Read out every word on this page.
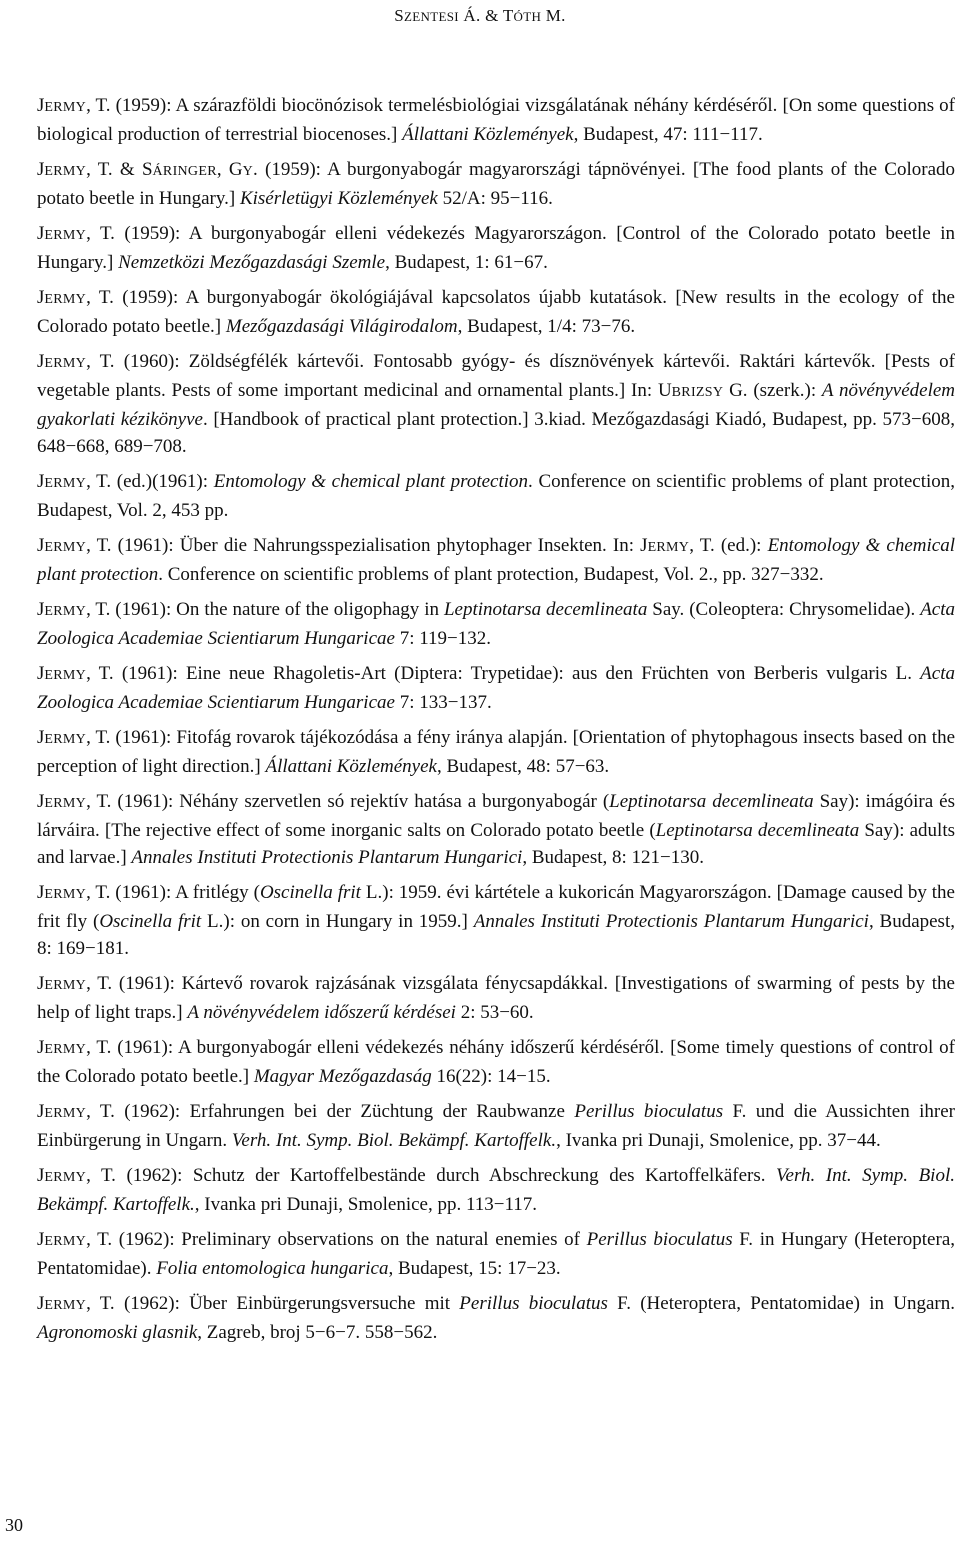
SZENTESI Á. & TÓTH M.

JERMY, T. (1959): A szárazföldi biocönózisok termelésbiológiai vizsgálatának néhány kérdéséről. [On some questions of biological production of terrestrial biocenoses.] Állattani Közlemények, Budapest, 47: 111−117.

JERMY, T. & SÁRINGER, GY. (1959): A burgonyabogár magyarországi tápnövényei. [The food plants of the Colorado potato beetle in Hungary.] Kisérletügyi Közlemények 52/A: 95−116.

JERMY, T. (1959): A burgonyabogár elleni védekezés Magyarországon. [Control of the Colorado potato beetle in Hungary.] Nemzetközi Mezőgazdasági Szemle, Budapest, 1: 61−67.

JERMY, T. (1959): A burgonyabogár ökológiájával kapcsolatos újabb kutatások. [New results in the ecology of the Colorado potato beetle.] Mezőgazdasági Világirodalom, Budapest, 1/4: 73−76.

JERMY, T. (1960): Zöldségfélék kártevői. Fontosabb gyógy- és dísznövények kártevői. Raktári kártevők. [Pests of vegetable plants. Pests of some important medicinal and ornamental plants.] In: UBRIZSY G. (szerk.): A növényvédelem gyakorlati kézikönyve. [Handbook of practical plant protection.] 3.kiad. Mezőgazdasági Kiadó, Budapest, pp. 573−608, 648−668, 689−708.

JERMY, T. (ed.)(1961): Entomology & chemical plant protection. Conference on scientific problems of plant protection, Budapest, Vol. 2, 453 pp.

JERMY, T. (1961): Über die Nahrungsspezialisation phytophager Insekten. In: JERMY, T. (ed.): Entomology & chemical plant protection. Conference on scientific problems of plant protection, Budapest, Vol. 2., pp. 327−332.

JERMY, T. (1961): On the nature of the oligophagy in Leptinotarsa decemlineata Say. (Coleoptera: Chrysomelidae). Acta Zoologica Academiae Scientiarum Hungaricae 7: 119−132.

JERMY, T. (1961): Eine neue Rhagoletis-Art (Diptera: Trypetidae): aus den Früchten von Berberis vulgaris L. Acta Zoologica Academiae Scientiarum Hungaricae 7: 133−137.

JERMY, T. (1961): Fitofág rovarok tájékozódása a fény iránya alapján. [Orientation of phytophagous insects based on the perception of light direction.] Állattani Közlemények, Budapest, 48: 57−63.

JERMY, T. (1961): Néhány szervetlen só rejektív hatása a burgonyabogár (Leptinotarsa decemlineata Say): imágóira és lárváira. [The rejective effect of some inorganic salts on Colorado potato beetle (Leptinotarsa decemlineata Say): adults and larvae.] Annales Instituti Protectionis Plantarum Hungarici, Budapest, 8: 121−130.

JERMY, T. (1961): A fritlégy (Oscinella frit L.): 1959. évi kártétele a kukoricán Magyarországon. [Damage caused by the frit fly (Oscinella frit L.): on corn in Hungary in 1959.] Annales Instituti Protectionis Plantarum Hungarici, Budapest, 8: 169−181.

JERMY, T. (1961): Kártevő rovarok rajzásának vizsgálata fénycsapdákkal. [Investigations of swarming of pests by the help of light traps.] A növényvédelem időszerű kérdései 2: 53−60.

JERMY, T. (1961): A burgonyabogár elleni védekezés néhány időszerű kérdéséről. [Some timely questions of control of the Colorado potato beetle.] Magyar Mezőgazdaság 16(22): 14−15.

JERMY, T. (1962): Erfahrungen bei der Züchtung der Raubwanze Perillus bioculatus F. und die Aussichten ihrer Einbürgerung in Ungarn. Verh. Int. Symp. Biol. Bekämpf. Kartoffelk., Ivanka pri Dunaji, Smolenice, pp. 37−44.

JERMY, T. (1962): Schutz der Kartoffelbestände durch Abschreckung des Kartoffelkäfers. Verh. Int. Symp. Biol. Bekämpf. Kartoffelk., Ivanka pri Dunaji, Smolenice, pp. 113−117.

JERMY, T. (1962): Preliminary observations on the natural enemies of Perillus bioculatus F. in Hungary (Heteroptera, Pentatomidae). Folia entomologica hungarica, Budapest, 15: 17−23.

JERMY, T. (1962): Über Einbürgerungsversuche mit Perillus bioculatus F. (Heteroptera, Pentatomidae) in Ungarn. Agronomoski glasnik, Zagreb, broj 5−6−7. 558−562.

30
